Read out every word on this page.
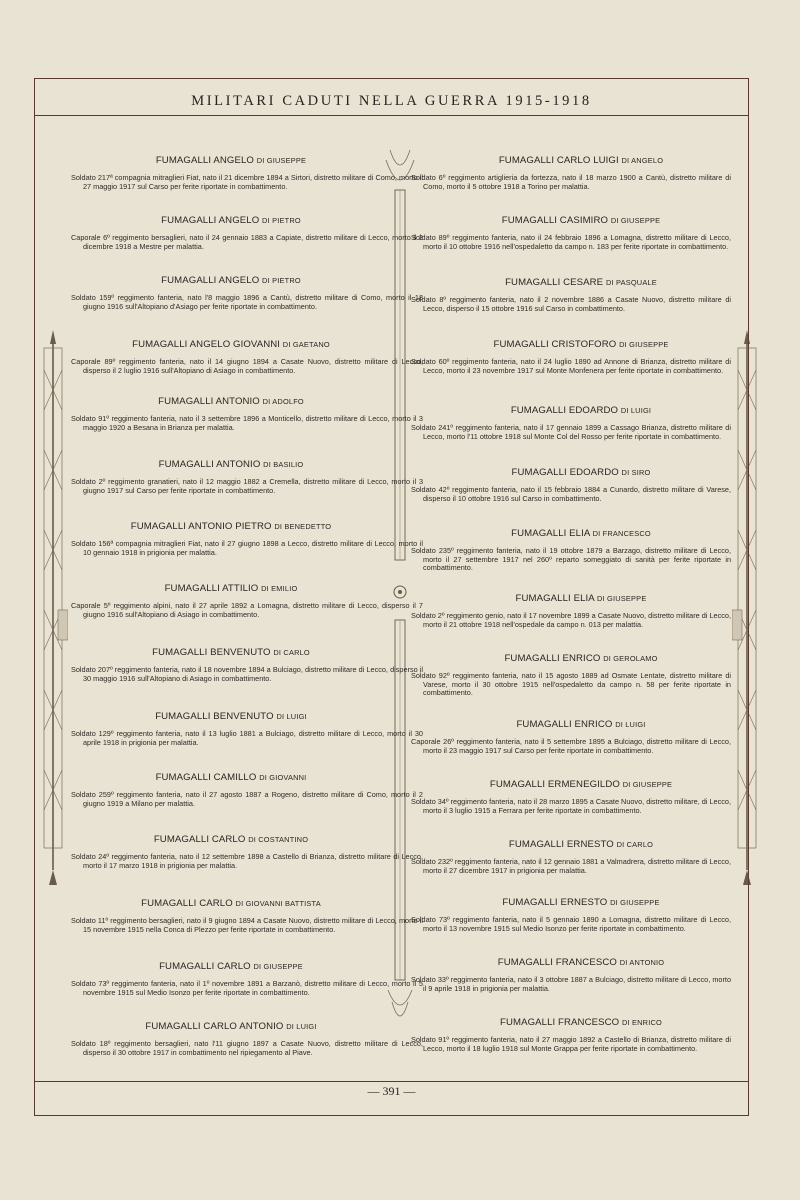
MILITARI CADUTI NELLA GUERRA 1915-1918
FUMAGALLI ANGELO DI GIUSEPPE
Soldato 217ª compagnia mitraglieri Fiat, nato il 21 dicembre 1894 a Sirtori, distretto militare di Como, morto il 27 maggio 1917 sul Carso per ferite riportate in combattimento.
FUMAGALLI ANGELO DI PIETRO
Caporale 6º reggimento bersaglieri, nato il 24 gennaio 1883 a Capiate, distretto militare di Lecco, morto il 3 dicembre 1918 a Mestre per malattia.
FUMAGALLI ANGELO DI PIETRO
Soldato 159º reggimento fanteria, nato l'8 maggio 1896 a Cantù, distretto militare di Como, morto il 18 giugno 1916 sull'Altopiano d'Asiago per ferite riportate in combattimento.
FUMAGALLI ANGELO GIOVANNI DI GAETANO
Caporale 89º reggimento fanteria, nato il 14 giugno 1894 a Casate Nuovo, distretto militare di Lecco, disperso il 2 luglio 1916 sull'Altopiano di Asiago in combattimento.
FUMAGALLI ANTONIO DI ADOLFO
Soldato 91º reggimento fanteria, nato il 3 settembre 1896 a Monticello, distretto militare di Lecco, morto il 3 maggio 1920 a Besana in Brianza per malattia.
FUMAGALLI ANTONIO DI BASILIO
Soldato 2º reggimento granatieri, nato il 12 maggio 1882 a Cremella, distretto militare di Lecco, morto il 3 giugno 1917 sul Carso per ferite riportate in combattimento.
FUMAGALLI ANTONIO PIETRO DI BENEDETTO
Soldato 156ª compagnia mitraglieri Fiat, nato il 27 giugno 1898 a Lecco, distretto militare di Lecco, morto il 10 gennaio 1918 in prigionia per malattia.
FUMAGALLI ATTILIO DI EMILIO
Caporale 5º reggimento alpini, nato il 27 aprile 1892 a Lomagna, distretto militare di Lecco, disperso il 7 giugno 1916 sull'Altopiano di Asiago in combattimento.
FUMAGALLI BENVENUTO DI CARLO
Soldato 207º reggimento fanteria, nato il 18 novembre 1894 a Bulciago, distretto militare di Lecco, disperso il 30 maggio 1916 sull'Altopiano di Asiago in combattimento.
FUMAGALLI BENVENUTO DI LUIGI
Soldato 129º reggimento fanteria, nato il 13 luglio 1881 a Bulciago, distretto militare di Lecco, morto il 30 aprile 1918 in prigionia per malattia.
FUMAGALLI CAMILLO DI GIOVANNI
Soldato 259º reggimento fanteria, nato il 27 agosto 1887 a Rogeno, distretto militare di Como, morto il 2 giugno 1919 a Milano per malattia.
FUMAGALLI CARLO DI COSTANTINO
Soldato 24º reggimento fanteria, nato il 12 settembre 1898 a Castello di Brianza, distretto militare di Lecco, morto il 17 marzo 1918 in prigionia per malattia.
FUMAGALLI CARLO DI GIOVANNI BATTISTA
Soldato 11º reggimento bersaglieri, nato il 9 giugno 1894 a Casate Nuovo, distretto militare di Lecco, morto il 15 novembre 1915 nella Conca di Plezzo per ferite riportate in combattimento.
FUMAGALLI CARLO DI GIUSEPPE
Soldato 73º reggimento fanteria, nato il 1º novembre 1891 a Barzanò, distretto militare di Lecco, morto il 5 novembre 1915 sul Medio Isonzo per ferite riportate in combattimento.
FUMAGALLI CARLO ANTONIO DI LUIGI
Soldato 18º reggimento bersaglieri, nato l'11 giugno 1897 a Casate Nuovo, distretto militare di Lecco, disperso il 30 ottobre 1917 in combattimento nel ripiegamento al Piave.
FUMAGALLI CARLO LUIGI DI ANGELO
Soldato 6º reggimento artiglieria da fortezza, nato il 18 marzo 1900 a Cantù, distretto militare di Como, morto il 5 ottobre 1918 a Torino per malattia.
FUMAGALLI CASIMIRO DI GIUSEPPE
Soldato 89º reggimento fanteria, nato il 24 febbraio 1896 a Lomagna, distretto militare di Lecco, morto il 10 ottobre 1916 nell'ospedaletto da campo n. 183 per ferite riportate in combattimento.
FUMAGALLI CESARE DI PASQUALE
Soldato 8º reggimento fanteria, nato il 2 novembre 1886 a Casate Nuovo, distretto militare di Lecco, disperso il 15 ottobre 1916 sul Carso in combattimento.
FUMAGALLI CRISTOFORO DI GIUSEPPE
Soldato 60º reggimento fanteria, nato il 24 luglio 1890 ad Annone di Brianza, distretto militare di Lecco, morto il 23 novembre 1917 sul Monte Monfenera per ferite riportate in combattimento.
FUMAGALLI EDOARDO DI LUIGI
Soldato 241º reggimento fanteria, nato il 17 gennaio 1899 a Cassago Brianza, distretto militare di Lecco, morto l'11 ottobre 1918 sul Monte Col del Rosso per ferite riportate in combattimento.
FUMAGALLI EDOARDO DI SIRO
Soldato 42º reggimento fanteria, nato il 15 febbraio 1884 a Cunardo, distretto militare di Varese, disperso il 10 ottobre 1916 sul Carso in combattimento.
FUMAGALLI ELIA DI FRANCESCO
Soldato 235º reggimento fanteria, nato il 19 ottobre 1879 a Barzago, distretto militare di Lecco, morto il 27 settembre 1917 nel 260º reparto someggiato di sanità per ferite riportate in combattimento.
FUMAGALLI ELIA DI GIUSEPPE
Soldato 2º reggimento genio, nato il 17 novembre 1899 a Casate Nuovo, distretto militare di Lecco, morto il 21 ottobre 1918 nell'ospedale da campo n. 013 per malattia.
FUMAGALLI ENRICO DI GEROLAMO
Soldato 92º reggimento fanteria, nato il 15 agosto 1889 ad Osmate Lentate, distretto militare di Varese, morto il 30 ottobre 1915 nell'ospedaletto da campo n. 58 per ferite riportate in combattimento.
FUMAGALLI ENRICO DI LUIGI
Caporale 26º reggimento fanteria, nato il 5 settembre 1895 a Bulciago, distretto militare di Lecco, morto il 23 maggio 1917 sul Carso per ferite riportate in combattimento.
FUMAGALLI ERMENEGILDO DI GIUSEPPE
Soldato 34º reggimento fanteria, nato il 28 marzo 1895 a Casate Nuovo, distretto militare, di Lecco, morto il 3 luglio 1915 a Ferrara per ferite riportate in combattimento.
FUMAGALLI ERNESTO DI CARLO
Soldato 232º reggimento fanteria, nato il 12 gennaio 1881 a Valmadrera, distretto militare di Lecco, morto il 27 dicembre 1917 in prigionia per malattia.
FUMAGALLI ERNESTO DI GIUSEPPE
Soldato 73º reggimento fanteria, nato il 5 gennaio 1890 a Lomagna, distretto militare di Lecco, morto il 13 novembre 1915 sul Medio Isonzo per ferite riportate in combattimento.
FUMAGALLI FRANCESCO DI ANTONIO
Soldato 33º reggimento fanteria, nato il 3 ottobre 1887 a Bulciago, distretto militare di Lecco, morto il 9 aprile 1918 in prigionia per malattia.
FUMAGALLI FRANCESCO DI ENRICO
Soldato 91º reggimento fanteria, nato il 27 maggio 1892 a Castello di Brianza, distretto militare di Lecco, morto il 18 luglio 1918 sul Monte Grappa per ferite riportate in combattimento.
— 391 —
